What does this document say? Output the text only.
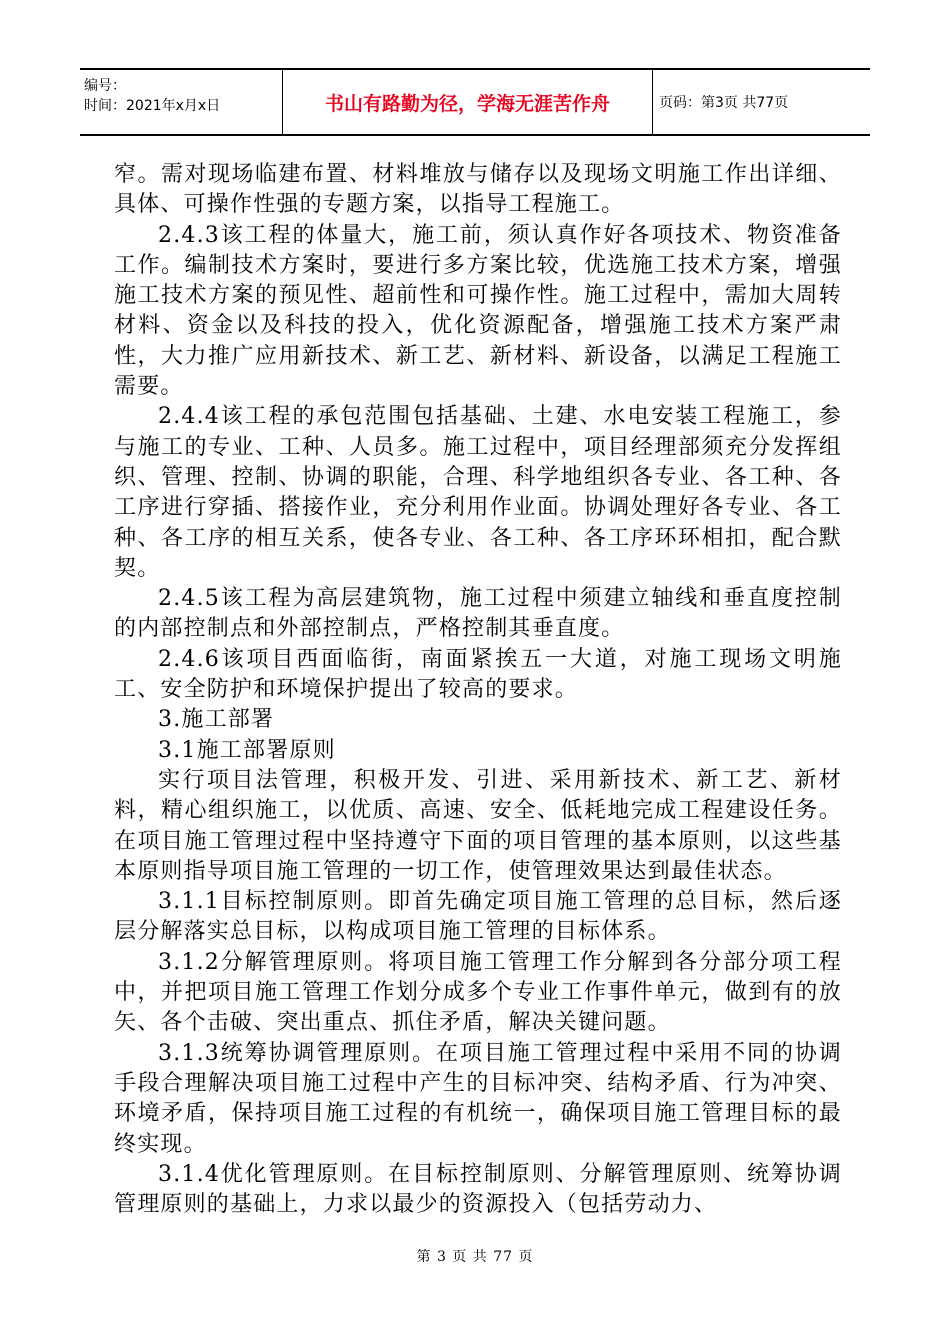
编号：
时间：2021年x月x日	书山有路勤为径，学海无涯苦作舟	页码：第3页 共77页

窄。需对现场临建布置、材料堆放与储存以及现场文明施工作出详细、具体、可操作性强的专题方案，以指导工程施工。

2.4.3该工程的体量大，施工前，须认真作好各项技术、物资准备工作。编制技术方案时，要进行多方案比较，优选施工技术方案，增强施工技术方案的预见性、超前性和可操作性。施工过程中，需加大周转材料、资金以及科技的投入，优化资源配备，增强施工技术方案严肃性，大力推广应用新技术、新工艺、新材料、新设备，以满足工程施工需要。

2.4.4该工程的承包范围包括基础、土建、水电安装工程施工，参与施工的专业、工种、人员多。施工过程中，项目经理部须充分发挥组织、管理、控制、协调的职能，合理、科学地组织各专业、各工种、各工序进行穿插、搭接作业，充分利用作业面。协调处理好各专业、各工种、各工序的相互关系，使各专业、各工种、各工序环环相扣，配合默契。

2.4.5该工程为高层建筑物，施工过程中须建立轴线和垂直度控制的内部控制点和外部控制点，严格控制其垂直度。

2.4.6该项目西面临街，南面紧挨五一大道，对施工现场文明施工、安全防护和环境保护提出了较高的要求。

3.施工部署

3.1施工部署原则

实行项目法管理，积极开发、引进、采用新技术、新工艺、新材料，精心组织施工，以优质、高速、安全、低耗地完成工程建设任务。在项目施工管理过程中坚持遵守下面的项目管理的基本原则，以这些基本原则指导项目施工管理的一切工作，使管理效果达到最佳状态。

3.1.1目标控制原则。即首先确定项目施工管理的总目标，然后逐层分解落实总目标，以构成项目施工管理的目标体系。

3.1.2分解管理原则。将项目施工管理工作分解到各分部分项工程中，并把项目施工管理工作划分成多个专业工作事件单元，做到有的放矢、各个击破、突出重点、抓住矛盾，解决关键问题。

3.1.3统筹协调管理原则。在项目施工管理过程中采用不同的协调手段合理解决项目施工过程中产生的目标冲突、结构矛盾、行为冲突、环境矛盾，保持项目施工过程的有机统一，确保项目施工管理目标的最终实现。

3.1.4优化管理原则。在目标控制原则、分解管理原则、统筹协调管理原则的基础上，力求以最少的资源投入（包括劳动力、

第 3 页 共 77 页
